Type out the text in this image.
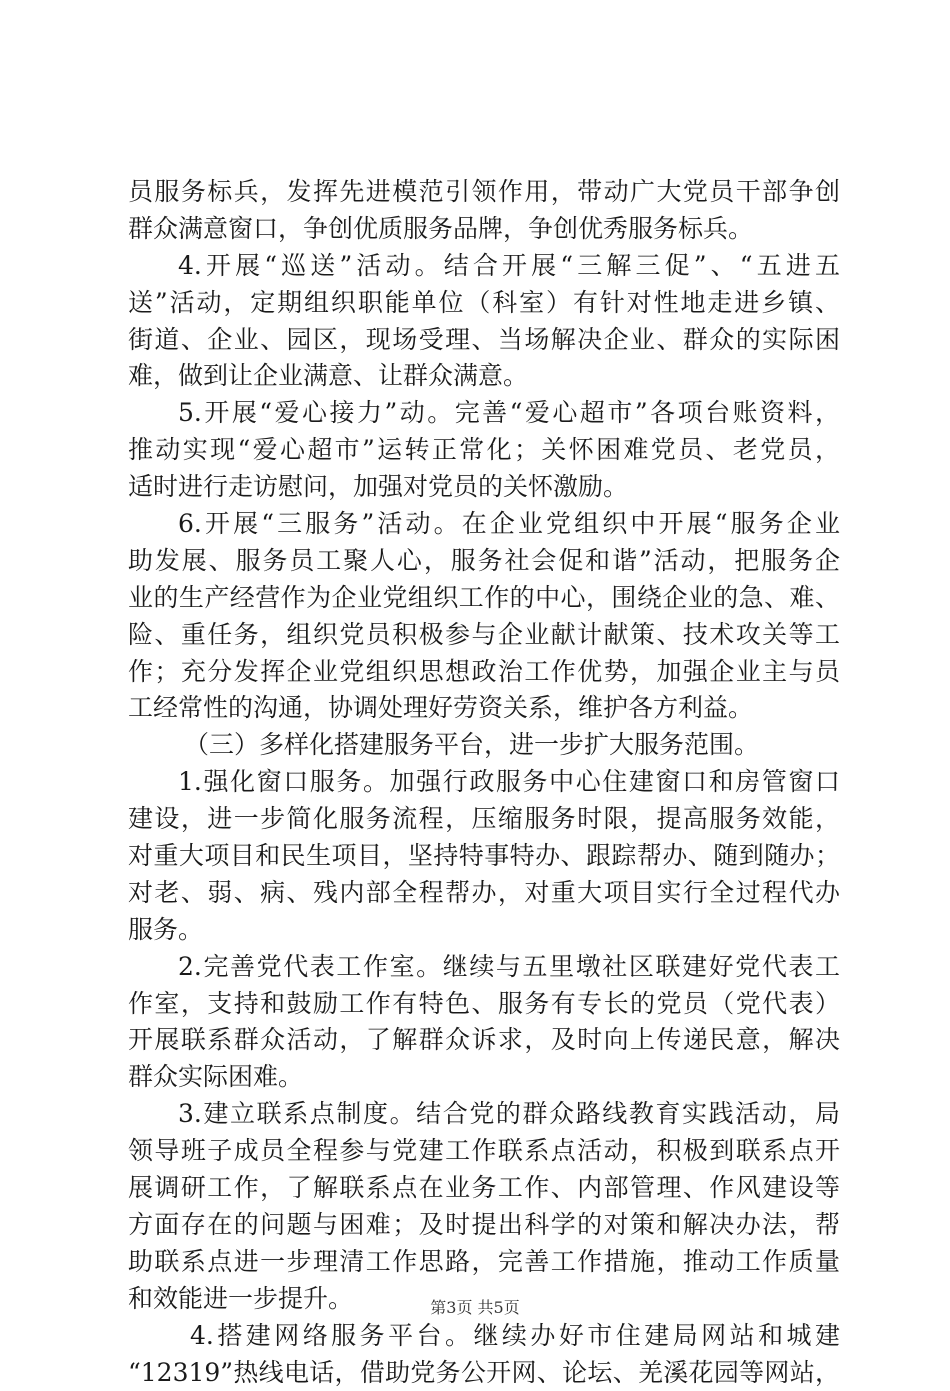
员服务标兵，发挥先进模范引领作用，带动广大党员干部争创
群众满意窗口，争创优质服务品牌，争创优秀服务标兵。
4.开展“巡送”活动。结合开展“三解三促”、“五进五
送”活动，定期组织职能单位（科室）有针对性地走进乡镇、
街道、企业、园区，现场受理、当场解决企业、群众的实际困
难，做到让企业满意、让群众满意。
5.开展“爱心接力”动。完善“爱心超市”各项台账资料，
推动实现“爱心超市”运转正常化；关怀困难党员、老党员，
适时进行走访慰问，加强对党员的关怀激励。
6.开展“三服务”活动。在企业党组织中开展“服务企业
助发展、服务员工聚人心，服务社会促和谐”活动，把服务企
业的生产经营作为企业党组织工作的中心，围绕企业的急、难、
险、重任务，组织党员积极参与企业献计献策、技术攻关等工
作；充分发挥企业党组织思想政治工作优势，加强企业主与员
工经常性的沟通，协调处理好劳资关系，维护各方利益。
（三）多样化搭建服务平台，进一步扩大服务范围。
1.强化窗口服务。加强行政服务中心住建窗口和房管窗口
建设，进一步简化服务流程，压缩服务时限，提高服务效能，
对重大项目和民生项目，坚持特事特办、跟踪帮办、随到随办；
对老、弱、病、残内部全程帮办，对重大项目实行全过程代办
服务。
2.完善党代表工作室。继续与五里墩社区联建好党代表工
作室，支持和鼓励工作有特色、服务有专长的党员（党代表）
开展联系群众活动，了解群众诉求，及时向上传递民意，解决
群众实际困难。
3.建立联系点制度。结合党的群众路线教育实践活动，局
领导班子成员全程参与党建工作联系点活动，积极到联系点开
展调研工作，了解联系点在业务工作、内部管理、作风建设等
方面存在的问题与困难；及时提出科学的对策和解决办法，帮
助联系点进一步理清工作思路，完善工作措施，推动工作质量
和效能进一步提升。
4.搭建网络服务平台。继续办好市住建局网站和城建
“12319”热线电话，借助党务公开网、论坛、羌溪花园等网站，
第3页 共5页
